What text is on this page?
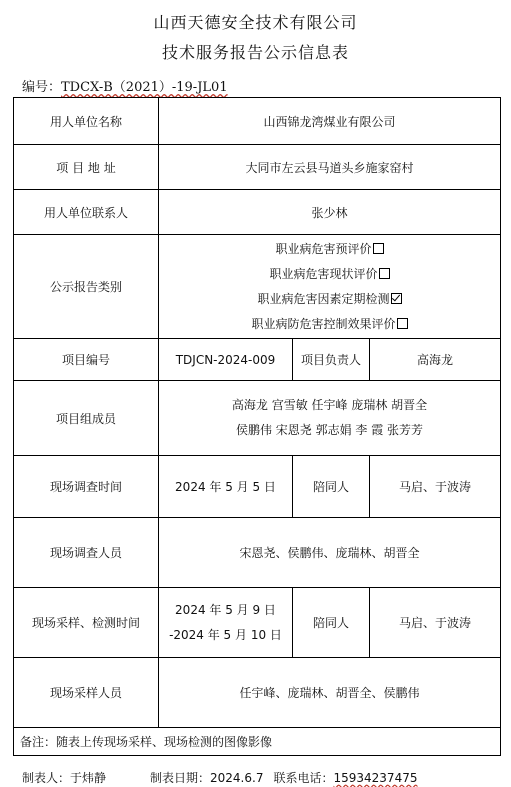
山西天德安全技术有限公司
技术服务报告公示信息表
编号：TDCX-B（2021）-19-JL01
用人单位名称	山西锦龙湾煤业有限公司		
项 目 地 址	大同市左云县马道头乡施家窑村		
用人单位联系人	张少林		
公示报告类别	职业病危害预评价
职业病危害现状评价
职业病危害因素定期检测
职业病防危害控制效果评价		

项目编号	TDJCN-2024-009	项目负责人	高海龙
项目组成员	高海龙 宫雪敏 任宇峰 庞瑞林 胡晋全
侯鹏伟 宋恩尧 郭志娟 李 霞 张芳芳		

现场调查时间	2024 年 5 月 5 日	陪同人	马启、于波涛
现场调查人员	宋恩尧、侯鹏伟、庞瑞林、胡晋全		
现场采样、检测时间	2024 年 5 月 9 日
-2024 年 5 月 10 日	陪同人	马启、于波涛
现场采样人员	任宇峰、庞瑞林、胡晋全、侯鹏伟		
备注：随表上传现场采样、现场检测的图像影像			
制表人：于炜静	制表日期：2024.6.7 联系电话：15934237475
